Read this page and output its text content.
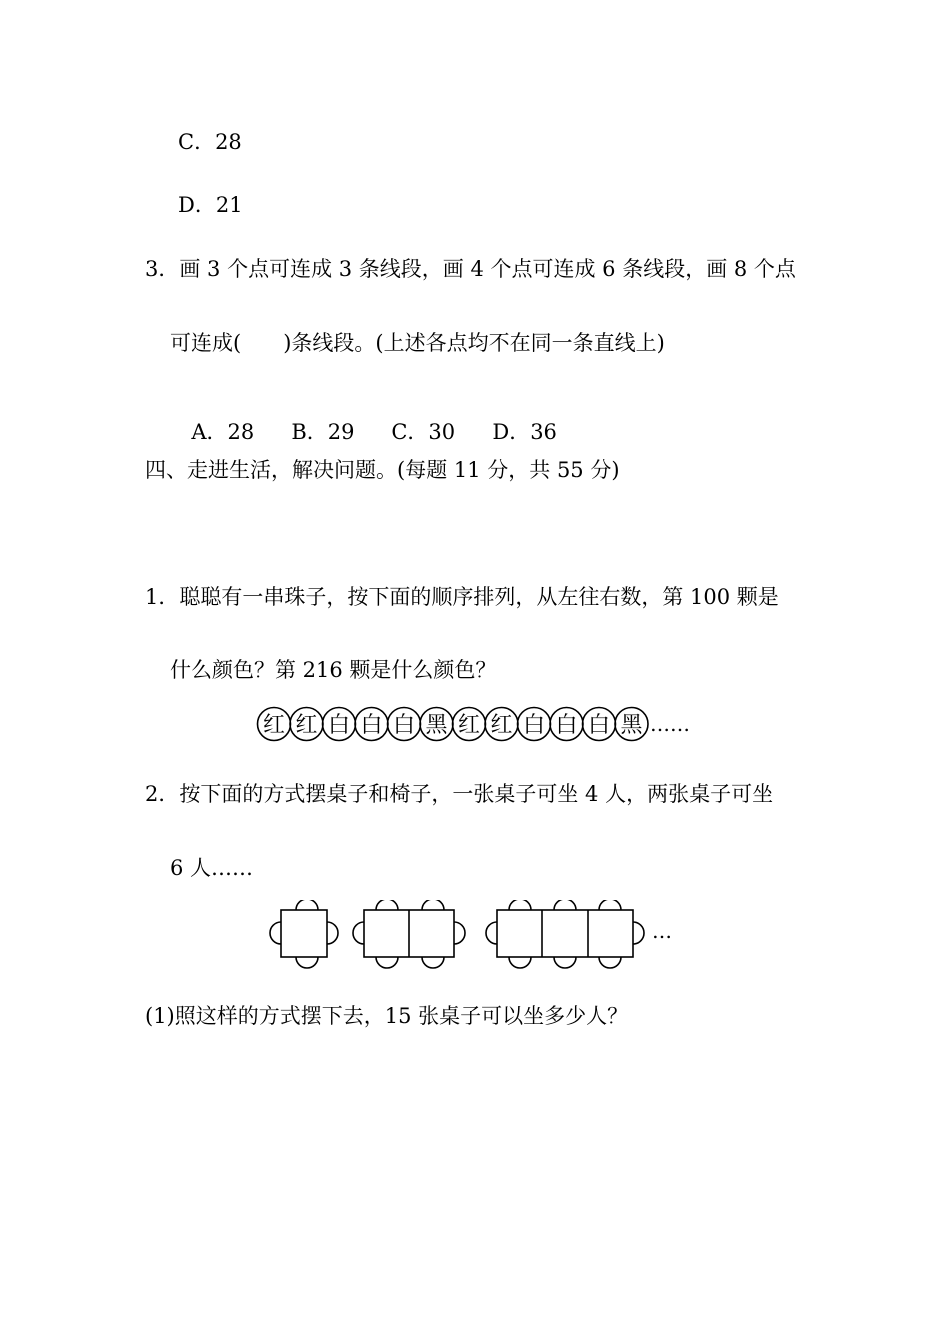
C．28
D．21
3．画 3 个点可连成 3 条线段，画 4 个点可连成 6 条线段，画 8 个点
可连成(　　)条线段。(上述各点均不在同一条直线上)

A．28 B．29 C．30 D．36

四、走进生活，解决问题。(每题 11 分，共 55 分)
1．聪聪有一串珠子，按下面的顺序排列，从左往右数，第 100 颗是
什么颜色？第 216 颗是什么颜色？
红 红 白 白 白 黑 红 红 白 白 白 黑 ……
2．按下面的方式摆桌子和椅子，一张桌子可坐 4 人，两张桌子可坐
6 人……
…
(1)照这样的方式摆下去，15 张桌子可以坐多少人？
